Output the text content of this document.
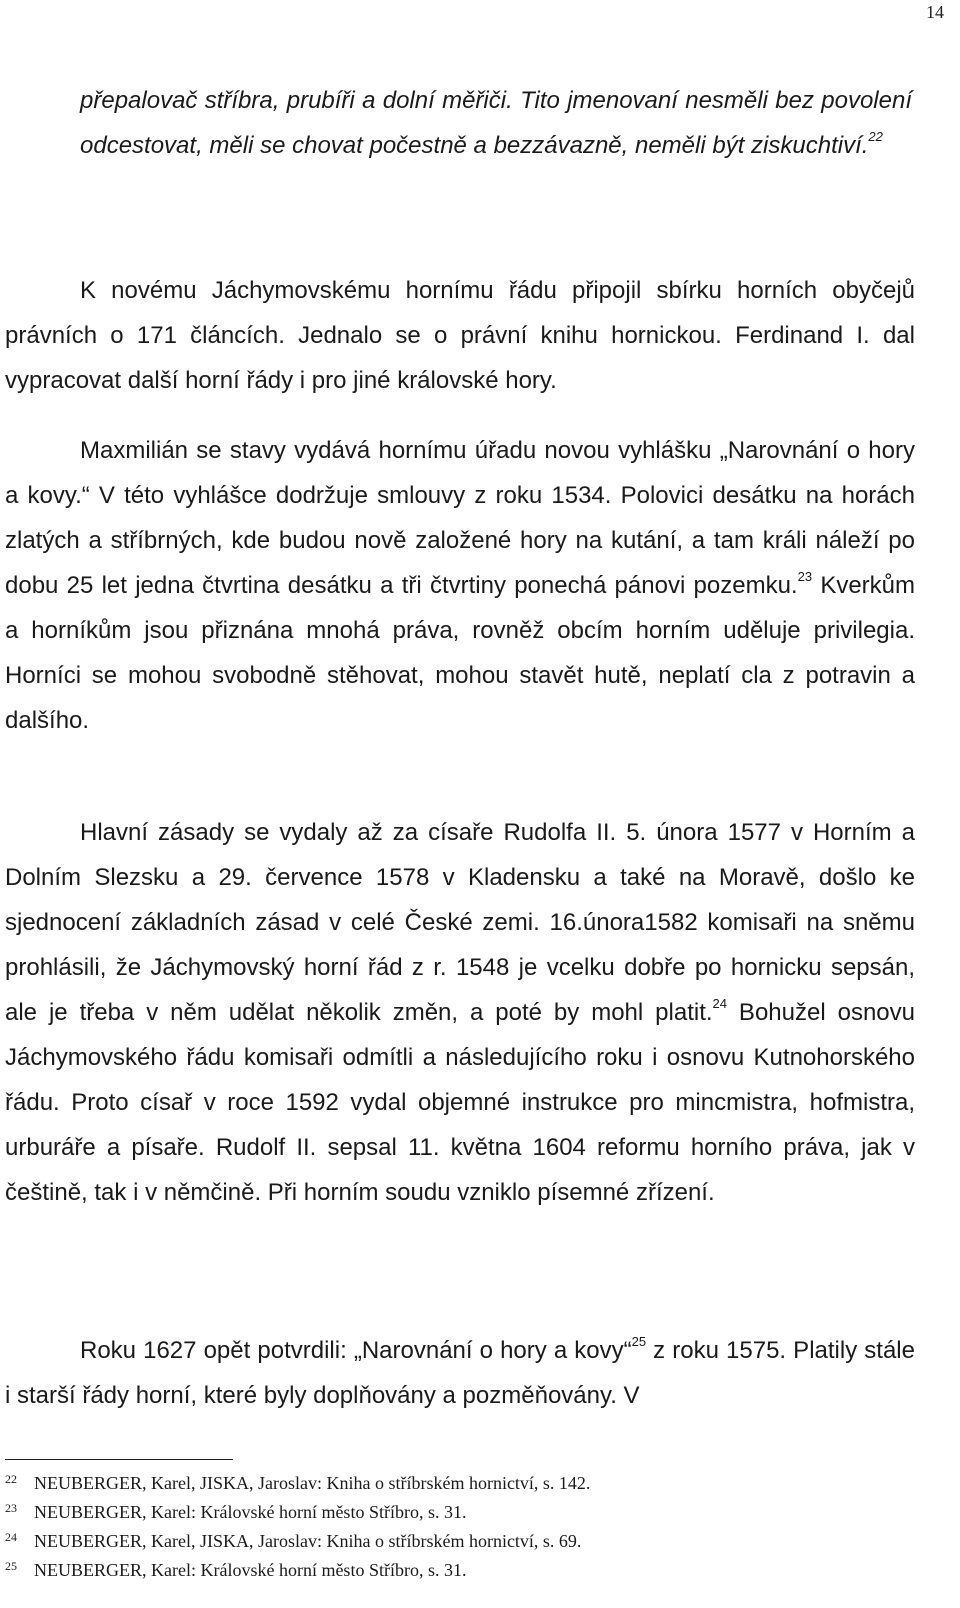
14

přepalovač stříbra, prubíři a dolní měřiči. Tito jmenovaní nesměli bez povolení odcestovat, měli se chovat počestně a bezzávazně, neměli být ziskuchtiví.$^{22}$

K novému Jáchymovskému hornímu řádu připojil sbírku horních obyčejů právních o 171 článcích. Jednalo se o právní knihu hornickou. Ferdinand I. dal vypracovat další horní řády i pro jiné královské hory.

Maxmilián se stavy vydává hornímu úřadu novou vyhlášku „Narovnání o hory a kovy.“ V této vyhlášce dodržuje smlouvy z roku 1534. Polovici desátku na horách zlatých a stříbrných, kde budou nově založené hory na kutání, a tam králi náleží po dobu 25 let jedna čtvrtina desátku a tři čtvrtiny ponechá pánovi pozemku.$^{23}$ Kverkům a horníkům jsou přiznána mnohá práva, rovněž obcím horním uděluje privilegia. Horníci se mohou svobodně stěhovat, mohou stavět hutě, neplatí cla z potravin a dalšího.

Hlavní zásady se vydaly až za císaře Rudolfa II. 5. února 1577 v Horním a Dolním Slezsku a 29. července 1578 v Kladensku a také na Moravě, došlo ke sjednocení základních zásad v celé České zemi. 16.února1582 komisaři na sněmu prohlásili, že Jáchymovský horní řád z r. 1548 je vcelku dobře po hornicku sepsán, ale je třeba v něm udělat několik změn, a poté by mohl platit.$^{24}$ Bohužel osnovu Jáchymovského řádu komisaři odmítli a následujícího roku i osnovu Kutnohorského řádu. Proto císař v roce 1592 vydal objemné instrukce pro mincmistra, hofmistra, urburáře a písaře. Rudolf II. sepsal 11. května 1604 reformu horního práva, jak v češtině, tak i v němčině. Při horním soudu vzniklo písemné zřízení.

Roku 1627 opět potvrdili: „Narovnání o hory a kovy“$^{25}$ z roku 1575. Platily stále i starší řády horní, které byly doplňovány a pozměňovány. V

22 NEUBERGER, Karel, JISKA, Jaroslav: Kniha o stříbrském hornictví, s. 142.
23 NEUBERGER, Karel: Královské horní město Stříbro, s. 31.
24 NEUBERGER, Karel, JISKA, Jaroslav: Kniha o stříbrském hornictví, s. 69.
25 NEUBERGER, Karel: Královské horní město Stříbro, s. 31.
